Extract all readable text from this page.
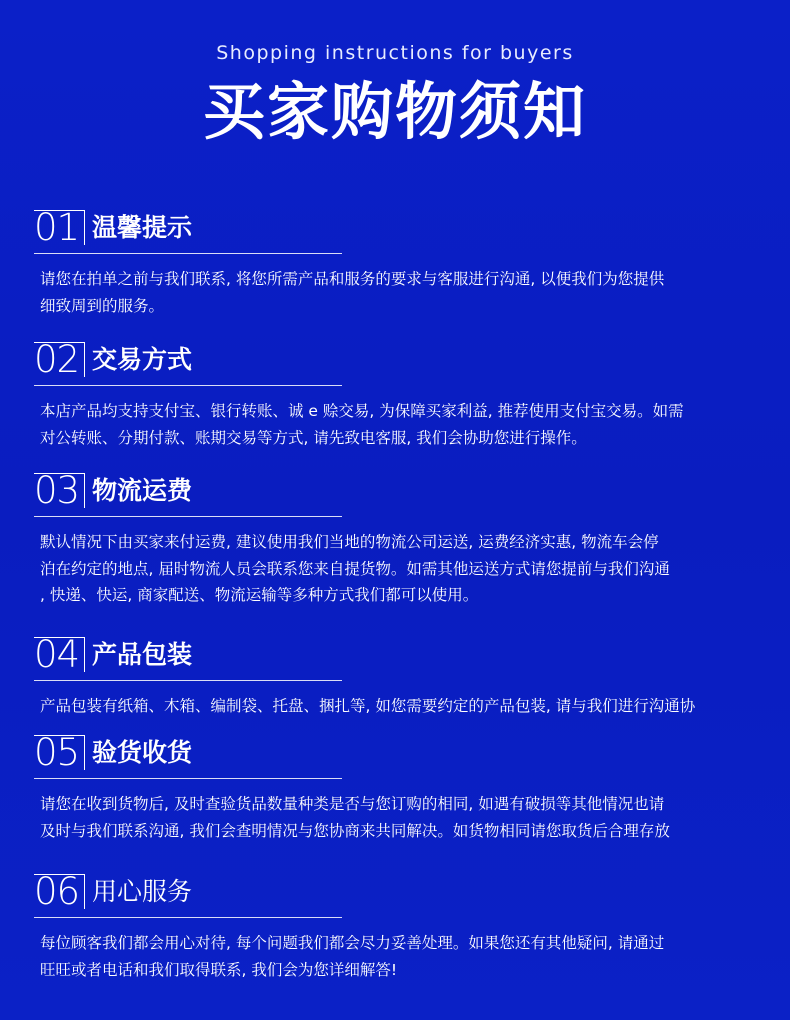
Shopping instructions for buyers
买家购物须知
01 温馨提示
请您在拍单之前与我们联系, 将您所需产品和服务的要求与客服进行沟通, 以便我们为您提供
细致周到的服务。
02 交易方式
本店产品均支持支付宝、银行转账、诚 e 赊交易, 为保障买家利益, 推荐使用支付宝交易。如需
对公转账、分期付款、账期交易等方式, 请先致电客服, 我们会协助您进行操作。
03 物流运费
默认情况下由买家来付运费, 建议使用我们当地的物流公司运送, 运费经济实惠, 物流车会停
泊在约定的地点, 届时物流人员会联系您来自提货物。如需其他运送方式请您提前与我们沟通
, 快递、快运, 商家配送、物流运输等多种方式我们都可以使用。
04 产品包装
产品包装有纸箱、木箱、编制袋、托盘、捆扎等, 如您需要约定的产品包装, 请与我们进行沟通协
05 验货收货
请您在收到货物后, 及时查验货品数量种类是否与您订购的相同, 如遇有破损等其他情况也请
及时与我们联系沟通, 我们会查明情况与您协商来共同解决。如货物相同请您取货后合理存放
06 用心服务
每位顾客我们都会用心对待, 每个问题我们都会尽力妥善处理。如果您还有其他疑问, 请通过
旺旺或者电话和我们取得联系, 我们会为您详细解答!
